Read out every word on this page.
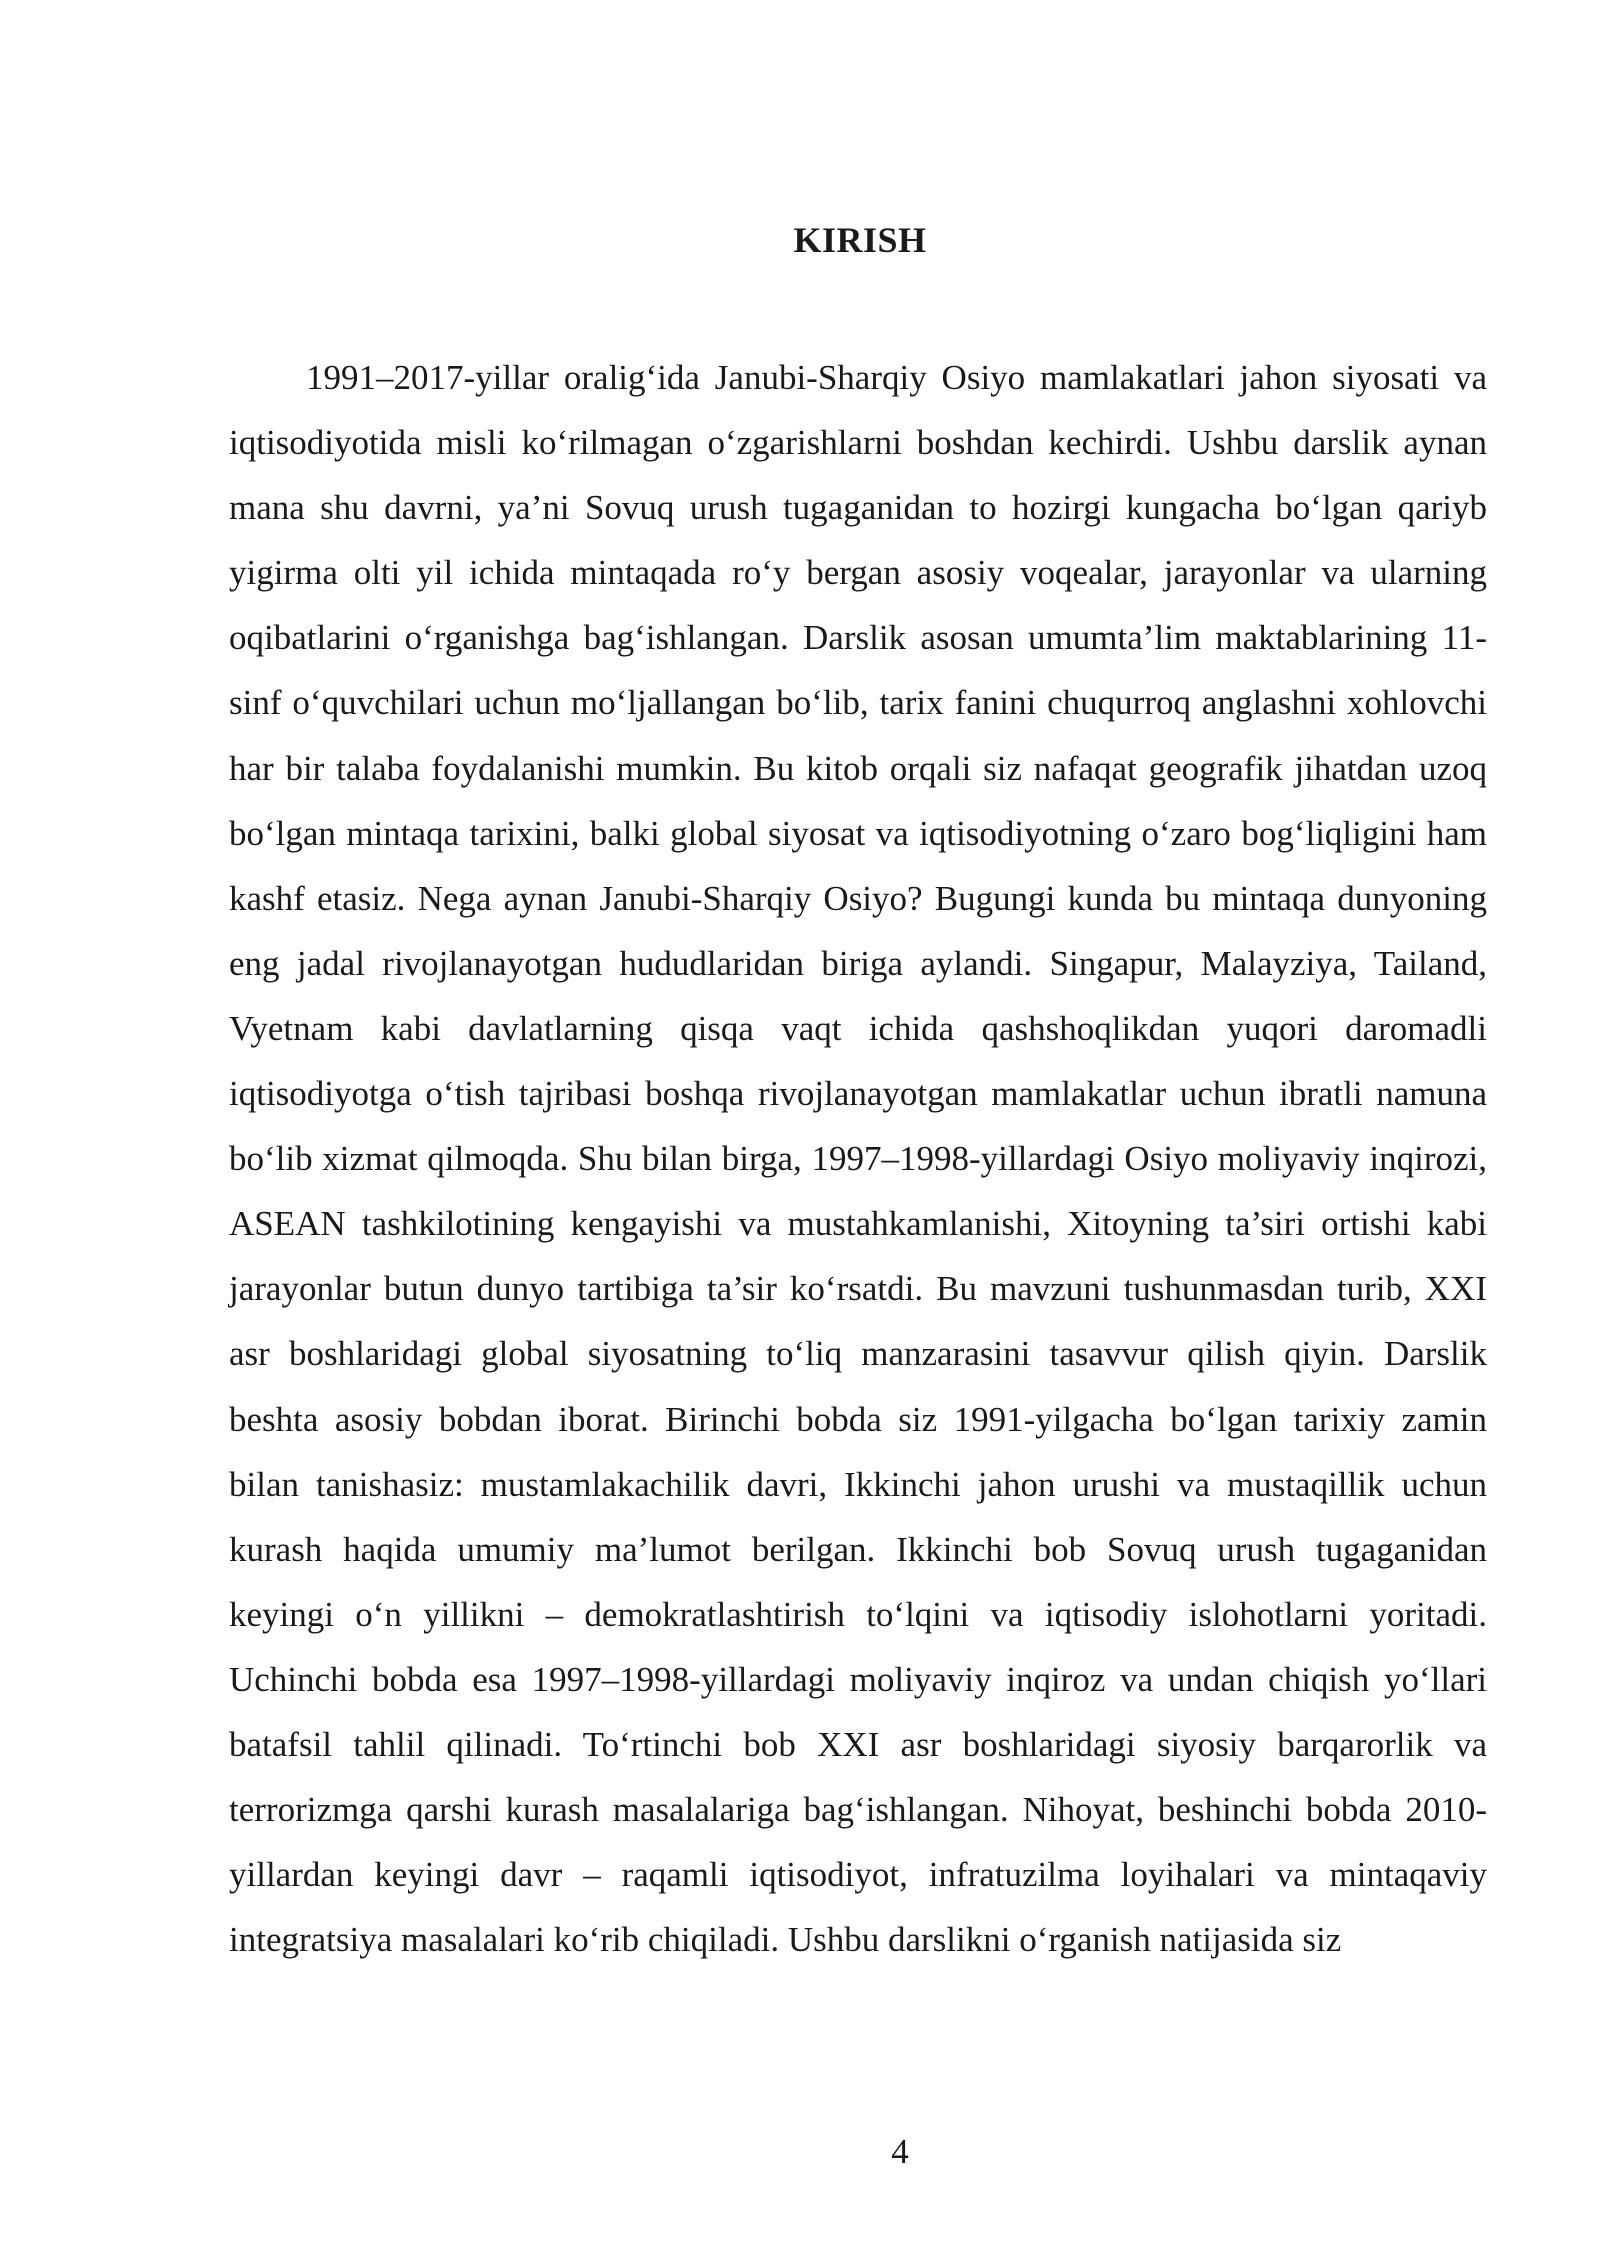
KIRISH

1991–2017-yillar oralig‘ida Janubi-Sharqiy Osiyo mamlakatlari jahon siyosati va iqtisodiyotida misli ko‘rilmagan o‘zgarishlarni boshdan kechirdi. Ushbu darslik aynan mana shu davrni, ya’ni Sovuq urush tugaganidan to hozirgi kungacha bo‘lgan qariyb yigirma olti yil ichida mintaqada ro‘y bergan asosiy voqealar, jarayonlar va ularning oqibatlarini o‘rganishga bag‘ishlangan. Darslik asosan umumta’lim maktablarining 11-sinf o‘quvchilari uchun mo‘ljallangan bo‘lib, tarix fanini chuqurroq anglashni xohlovchi har bir talaba foydalanishi mumkin. Bu kitob orqali siz nafaqat geografik jihatdan uzoq bo‘lgan mintaqa tarixini, balki global siyosat va iqtisodiyotning o‘zaro bog‘liqligini ham kashf etasiz. Nega aynan Janubi-Sharqiy Osiyo? Bugungi kunda bu mintaqa dunyoning eng jadal rivojlanayotgan hududlaridan biriga aylandi. Singapur, Malayziya, Tailand, Vyetnam kabi davlatlarning qisqa vaqt ichida qashshoqlikdan yuqori daromadli iqtisodiyotga o‘tish tajribasi boshqa rivojlanayotgan mamlakatlar uchun ibratli namuna bo‘lib xizmat qilmoqda. Shu bilan birga, 1997–1998-yillardagi Osiyo moliyaviy inqirozi, ASEAN tashkilotining kengayishi va mustahkamlanishi, Xitoyning ta’siri ortishi kabi jarayonlar butun dunyo tartibiga ta’sir ko‘rsatdi. Bu mavzuni tushunmasdan turib, XXI asr boshlaridagi global siyosatning to‘liq manzarasini tasavvur qilish qiyin. Darslik beshta asosiy bobdan iborat. Birinchi bobda siz 1991-yilgacha bo‘lgan tarixiy zamin bilan tanishasiz: mustamlakachilik davri, Ikkinchi jahon urushi va mustaqillik uchun kurash haqida umumiy ma’lumot berilgan. Ikkinchi bob Sovuq urush tugaganidan keyingi o‘n yillikni – demokratlashtirish to‘lqini va iqtisodiy islohotlarni yoritadi. Uchinchi bobda esa 1997–1998-yillardagi moliyaviy inqiroz va undan chiqish yo‘llari batafsil tahlil qilinadi. To‘rtinchi bob XXI asr boshlaridagi siyosiy barqarorlik va terrorizmga qarshi kurash masalalariga bag‘ishlangan. Nihoyat, beshinchi bobda 2010-yillardan keyingi davr – raqamli iqtisodiyot, infratuzilma loyihalari va mintaqaviy integratsiya masalalari ko‘rib chiqiladi. Ushbu darslikni o‘rganish natijasida siz

4
